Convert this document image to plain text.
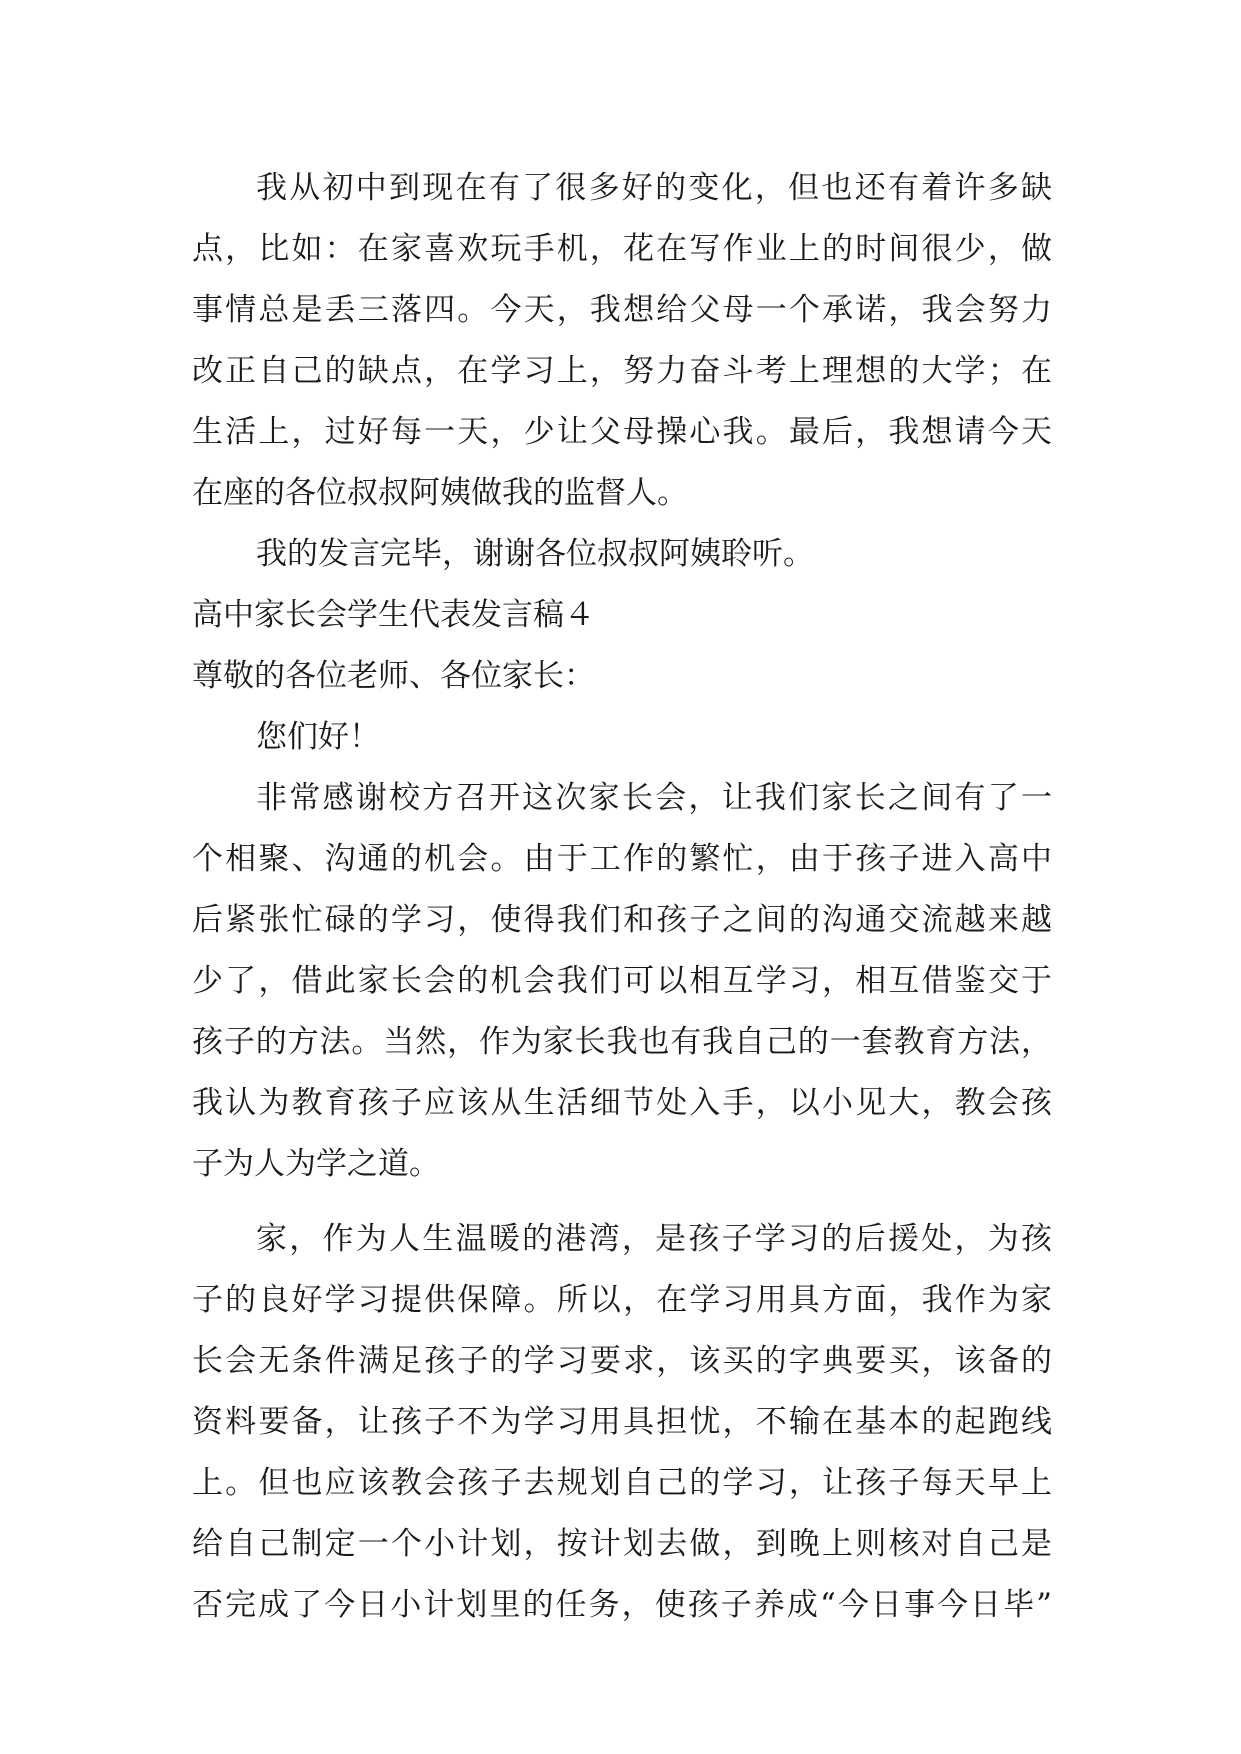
我从初中到现在有了很多好的变化，但也还有着许多缺
点，比如：在家喜欢玩手机，花在写作业上的时间很少，做
事情总是丢三落四。今天，我想给父母一个承诺，我会努力
改正自己的缺点，在学习上，努力奋斗考上理想的大学；在
生活上，过好每一天，少让父母操心我。最后，我想请今天
在座的各位叔叔阿姨做我的监督人。
我的发言完毕，谢谢各位叔叔阿姨聆听。
高中家长会学生代表发言稿４
尊敬的各位老师、各位家长：
您们好！
非常感谢校方召开这次家长会，让我们家长之间有了一
个相聚、沟通的机会。由于工作的繁忙，由于孩子进入高中
后紧张忙碌的学习，使得我们和孩子之间的沟通交流越来越
少了，借此家长会的机会我们可以相互学习，相互借鉴交于
孩子的方法。当然，作为家长我也有我自己的一套教育方法，
我认为教育孩子应该从生活细节处入手，以小见大，教会孩
子为人为学之道。
家，作为人生温暖的港湾，是孩子学习的后援处，为孩
子的良好学习提供保障。所以，在学习用具方面，我作为家
长会无条件满足孩子的学习要求，该买的字典要买，该备的
资料要备，让孩子不为学习用具担忧，不输在基本的起跑线
上。但也应该教会孩子去规划自己的学习，让孩子每天早上
给自己制定一个小计划，按计划去做，到晚上则核对自己是
否完成了今日小计划里的任务，使孩子养成“今日事今日毕”
